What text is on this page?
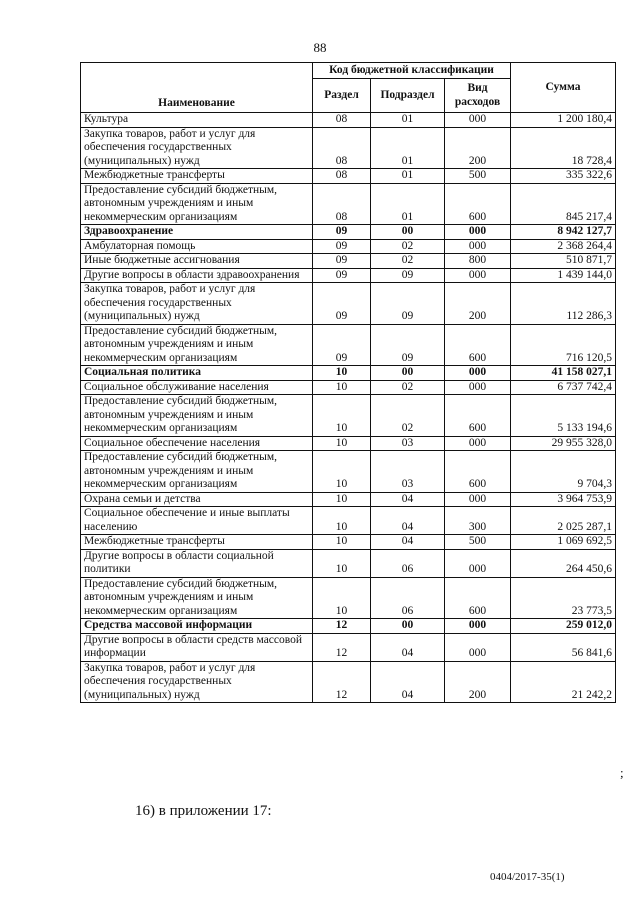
88
Наименование	Код бюджетной классификации			Сумма
	Раздел	Подраздел	Вид расходов	
Культура	08	01	000	1 200 180,4
Закупка товаров, работ и услуг для обеспечения государственных (муниципальных) нужд	08	01	200	18 728,4
Межбюджетные трансферты	08	01	500	335 322,6
Предоставление субсидий бюджетным, автономным учреждениям и иным некоммерческим организациям	08	01	600	845 217,4
Здравоохранение	09	00	000	8 942 127,7
Амбулаторная помощь	09	02	000	2 368 264,4
Иные бюджетные ассигнования	09	02	800	510 871,7
Другие вопросы в области здравоохранения	09	09	000	1 439 144,0
Закупка товаров, работ и услуг для обеспечения государственных (муниципальных) нужд	09	09	200	112 286,3
Предоставление субсидий бюджетным, автономным учреждениям и иным некоммерческим организациям	09	09	600	716 120,5
Социальная политика	10	00	000	41 158 027,1
Социальное обслуживание населения	10	02	000	6 737 742,4
Предоставление субсидий бюджетным, автономным учреждениям и иным некоммерческим организациям	10	02	600	5 133 194,6
Социальное обеспечение населения	10	03	000	29 955 328,0
Предоставление субсидий бюджетным, автономным учреждениям и иным некоммерческим организациям	10	03	600	9 704,3
Охрана семьи и детства	10	04	000	3 964 753,9
Социальное обеспечение и иные выплаты населению	10	04	300	2 025 287,1
Межбюджетные трансферты	10	04	500	1 069 692,5
Другие вопросы в области социальной политики	10	06	000	264 450,6
Предоставление субсидий бюджетным, автономным учреждениям и иным некоммерческим организациям	10	06	600	23 773,5
Средства массовой информации	12	00	000	259 012,0
Другие вопросы в области средств массовой информации	12	04	000	56 841,6
Закупка товаров, работ и услуг для обеспечения государственных (муниципальных) нужд	12	04	200	21 242,2
;
16) в приложении 17:
0404/2017-35(1)
